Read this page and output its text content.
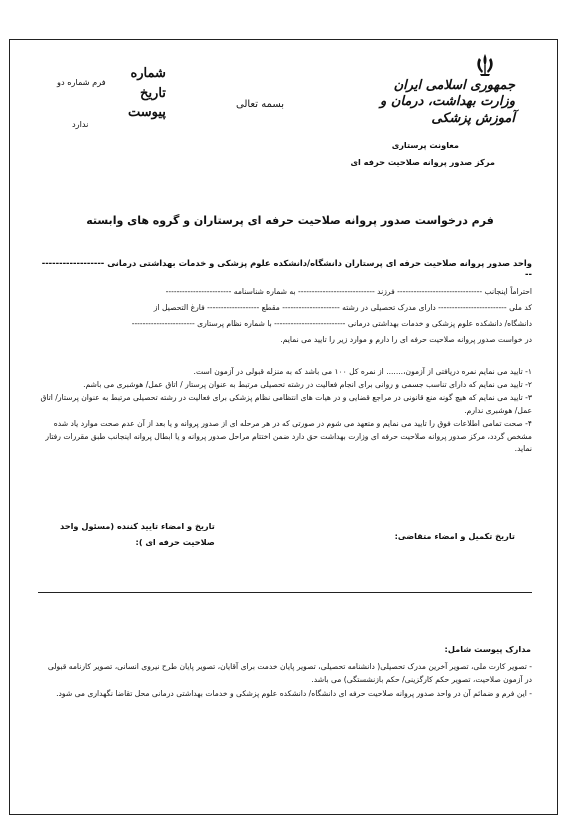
جمهوری اسلامی ایران
وزارت بهداشت، درمان و آموزش پزشکی
معاونت پرستاری
مرکز صدور پروانه صلاحیت حرفه ای
بسمه تعالی
شماره
تاریخ
پیوست
فرم شماره دو
ندارد
فرم درخواست صدور پروانه صلاحیت حرفه ای پرستاران و گروه های وابسته
واحد صدور پروانه صلاحیت حرفه ای پرستاران دانشگاه/دانشکده علوم پزشکی و خدمات بهداشتی درمانی --------------------
احتراماً اینجانب ------------------------------- فرزند ---------------------------- به شماره شناسنامه ------------------------
کد ملی ------------------------- دارای مدرک تحصیلی در رشته --------------------- مقطع ------------------- فارغ التحصیل از
دانشگاه/ دانشکده علوم پزشکی و خدمات بهداشتی درمانی -------------------------- با شماره نظام پرستاری -----------------------
در خواست صدور پروانه صلاحیت حرفه ای را دارم و موارد زیر را تایید می نمایم.

۱- تایید می نمایم نمره دریافتی از آزمون،....... از نمره کل ۱۰۰ می باشد که به منزله قبولی در آزمون است.

۲- تایید می نمایم که دارای تناسب جسمی و روانی برای انجام فعالیت در رشته تحصیلی مرتبط به عنوان پرستار / اتاق عمل/ هوشبری می باشم.

۳- تایید می نمایم که هیچ گونه منع قانونی در مراجع قضایی و در هیات های انتظامی نظام پزشکی برای فعالیت در رشته تحصیلی مرتبط به عنوان پرستار/ اتاق عمل/ هوشبری ندارم.

۴- صحت تمامی اطلاعات فوق را تایید می نمایم و متعهد می شوم در صورتی که در هر مرحله ای از صدور پروانه و یا بعد از آن عدم صحت موارد یاد شده مشخص گردد، مرکز صدور پروانه صلاحیت حرفه ای وزارت بهداشت حق دارد ضمن اختتام مراحل صدور پروانه و یا ابطال پروانه اینجانب طبق مقررات رفتار نماید.

تاریخ تکمیل و امضاء متقاضی:
تاریخ و امضاء تایید کننده (مسئول واحد
صلاحیت حرفه ای ):
مدارک پیوست شامل:

- تصویر کارت ملی، تصویر آخرین مدرک تحصیلی( دانشنامه تحصیلی، تصویر پایان خدمت برای آقایان، تصویر پایان طرح نیروی انسانی، تصویر کارنامه قبولی در آزمون صلاحیت، تصویر حکم کارگزینی/ حکم بازنشستگی) می باشد.

- این فرم و ضمائم آن در واحد صدور پروانه صلاحیت حرفه ای دانشگاه/ دانشکده علوم پزشکی و خدمات بهداشتی درمانی محل تقاضا نگهداری می شود.
